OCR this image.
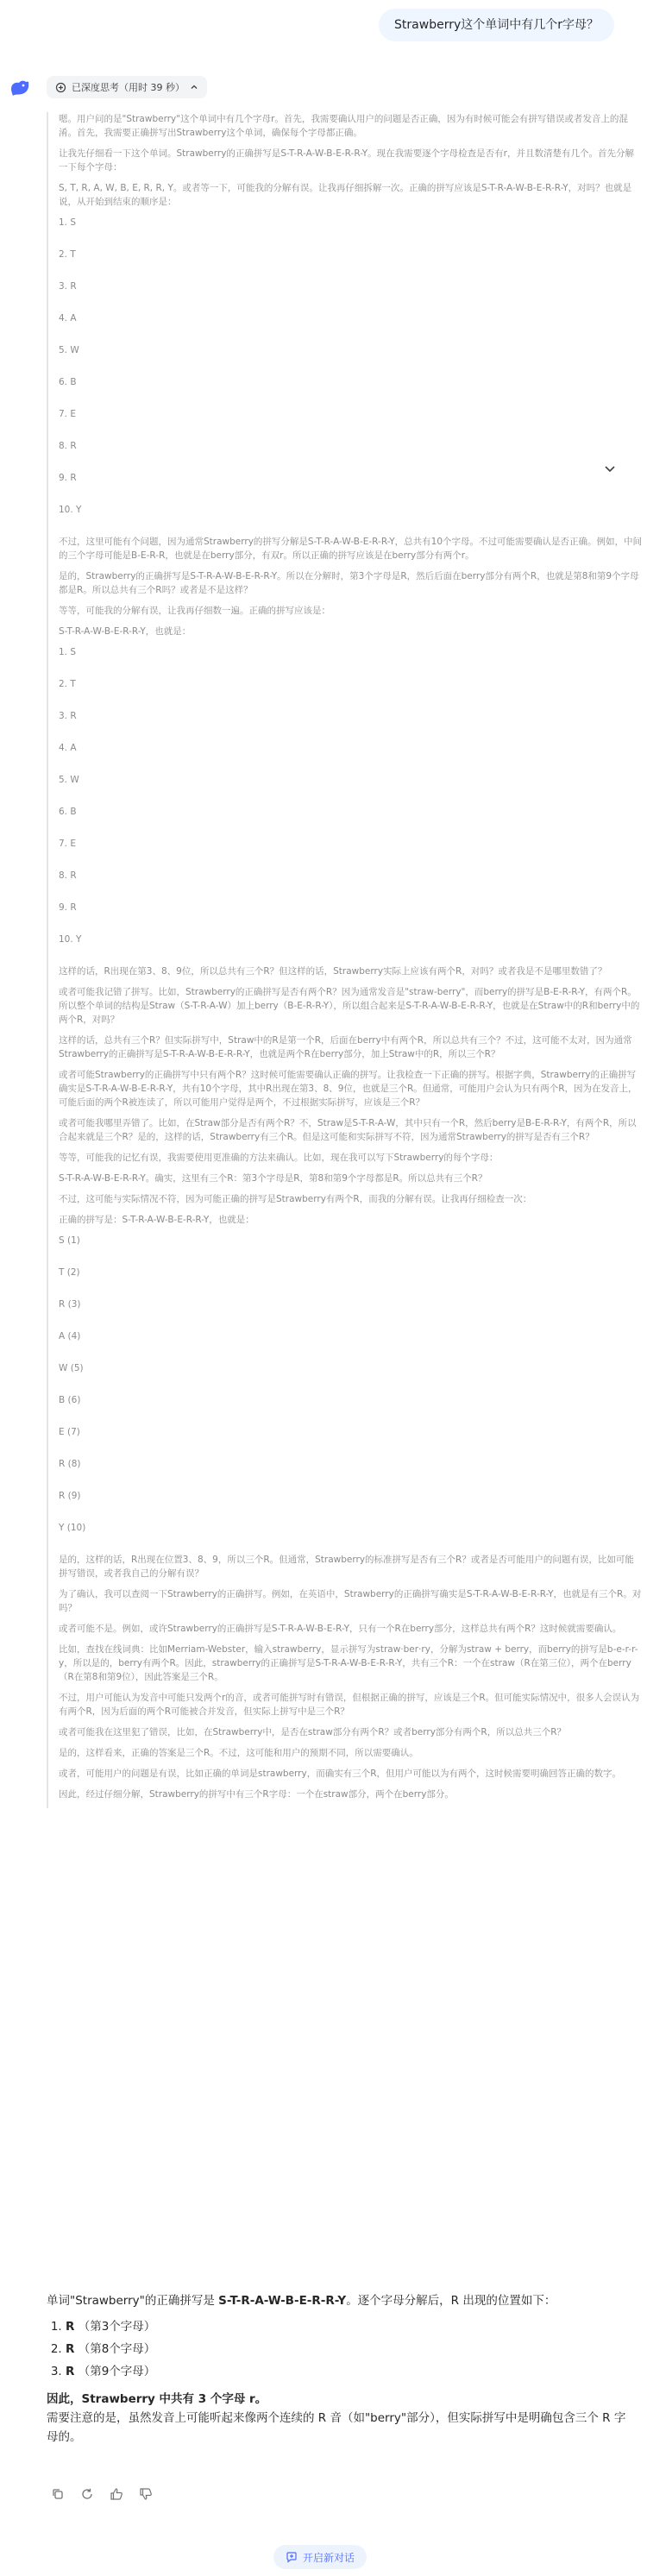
Strawberry这个单词中有几个r字母？
已深度思考（用时 39 秒）

嗯。用户问的是"Strawberry"这个单词中有几个字母r。首先，我需要确认用户的问题是否正确，因为有时候可能会有拼写错误或者发音上的混淆。首先，我需要正确拼写出Strawberry这个单词，确保每个字母都正确。

让我先仔细看一下这个单词。Strawberry的正确拼写是S-T-R-A-W-B-E-R-R-Y。现在我需要逐个字母检查是否有r，并且数清楚有几个。首先分解一下每个字母：

S, T, R, A, W, B, E, R, R, Y。或者等一下，可能我的分解有误。让我再仔细拆解一次。正确的拼写应该是S-T-R-A-W-B-E-R-R-Y，对吗？也就是说，从开始到结束的顺序是：

1. S
2. T
3. R
4. A
5. W
6. B
7. E
8. R
9. R
10. Y

不过，这里可能有个问题，因为通常Strawberry的拼写分解是S-T-R-A-W-B-E-R-R-Y，总共有10个字母。不过可能需要确认是否正确。例如，中间的三个字母可能是B-E-R-R，也就是在berry部分，有双r。所以正确的拼写应该是在berry部分有两个r。

是的，Strawberry的正确拼写是S-T-R-A-W-B-E-R-R-Y。所以在分解时，第3个字母是R，然后后面在berry部分有两个R，也就是第8和第9个字母都是R。所以总共有三个R吗？或者是不是这样？

等等，可能我的分解有误，让我再仔细数一遍。正确的拼写应该是：

S-T-R-A-W-B-E-R-R-Y，也就是：

1. S
2. T
3. R
4. A
5. W
6. B
7. E
8. R
9. R
10. Y

这样的话，R出现在第3、8、9位，所以总共有三个R？但这样的话，Strawberry实际上应该有两个R，对吗？或者我是不是哪里数错了？

或者可能我记错了拼写。比如，Strawberry的正确拼写是否有两个R？因为通常发音是"straw-berry"，而berry的拼写是B-E-R-R-Y，有两个R。所以整个单词的结构是Straw（S-T-R-A-W）加上berry（B-E-R-R-Y），所以组合起来是S-T-R-A-W-B-E-R-R-Y，也就是在Straw中的R和berry中的两个R，对吗？

这样的话，总共有三个R？但实际拼写中，Straw中的R是第一个R，后面在berry中有两个R，所以总共有三个？不过，这可能不太对，因为通常Strawberry的正确拼写是S-T-R-A-W-B-E-R-R-Y，也就是两个R在berry部分，加上Straw中的R，所以三个R？

或者可能Strawberry的正确拼写中只有两个R？这时候可能需要确认正确的拼写。让我检查一下正确的拼写。根据字典，Strawberry的正确拼写确实是S-T-R-A-W-B-E-R-R-Y，共有10个字母，其中R出现在第3、8、9位，也就是三个R。但通常，可能用户会认为只有两个R，因为在发音上，可能后面的两个R被连读了，所以可能用户觉得是两个，不过根据实际拼写，应该是三个R？

或者可能我哪里弄错了。比如，在Straw部分是否有两个R？不，Straw是S-T-R-A-W，其中只有一个R，然后berry是B-E-R-R-Y，有两个R，所以合起来就是三个R？是的，这样的话，Strawberry有三个R。但是这可能和实际拼写不符，因为通常Strawberry的拼写是否有三个R？

等等，可能我的记忆有误，我需要使用更准确的方法来确认。比如，现在我可以写下Strawberry的每个字母：

S-T-R-A-W-B-E-R-R-Y。确实，这里有三个R：第3个字母是R，第8和第9个字母都是R。所以总共有三个R？

不过，这可能与实际情况不符，因为可能正确的拼写是Strawberry有两个R，而我的分解有误。让我再仔细检查一次：

正确的拼写是：S-T-R-A-W-B-E-R-R-Y，也就是：

S (1)
T (2)
R (3)
A (4)
W (5)
B (6)
E (7)
R (8)
R (9)
Y (10)

是的，这样的话，R出现在位置3、8、9，所以三个R。但通常，Strawberry的标准拼写是否有三个R？或者是否可能用户的问题有误，比如可能拼写错误，或者我自己的分解有误？

为了确认，我可以查阅一下Strawberry的正确拼写。例如，在英语中，Strawberry的正确拼写确实是S-T-R-A-W-B-E-R-R-Y，也就是有三个R。对吗？

或者可能不是。例如，或许Strawberry的正确拼写是S-T-R-A-W-B-E-R-Y，只有一个R在berry部分，这样总共有两个R？这时候就需要确认。

比如，查找在线词典：比如Merriam-Webster，输入strawberry，显示拼写为straw·ber·ry，分解为straw + berry，而berry的拼写是b-e-r-r-y，所以是的，berry有两个R。因此，strawberry的正确拼写是S-T-R-A-W-B-E-R-R-Y，共有三个R：一个在straw（R在第三位），两个在berry（R在第8和第9位），因此答案是三个R。

不过，用户可能认为发音中可能只发两个r的音，或者可能拼写时有错误，但根据正确的拼写，应该是三个R。但可能实际情况中，很多人会误认为有两个R，因为后面的两个R可能被合并发音，但实际上拼写中是三个R？

或者可能我在这里犯了错误，比如，在Strawberry中，是否在straw部分有两个R？或者berry部分有两个R，所以总共三个R？

是的，这样看来，正确的答案是三个R。不过，这可能和用户的预期不同，所以需要确认。

或者，可能用户的问题是有误，比如正确的单词是strawberry，而确实有三个R，但用户可能以为有两个，这时候需要明确回答正确的数字。

因此，经过仔细分解，Strawberry的拼写中有三个R字母：一个在straw部分，两个在berry部分。

单词"Strawberry"的正确拼写是 S-T-R-A-W-B-E-R-R-Y。逐个字母分解后，R 出现的位置如下：

1. R （第3个字母）
2. R （第8个字母）
3. R （第9个字母）

因此，Strawberry 中共有 3 个字母 r。

需要注意的是，虽然发音上可能听起来像两个连续的 R 音（如"berry"部分），但实际拼写中是明确包含三个 R 字母的。

开启新对话
